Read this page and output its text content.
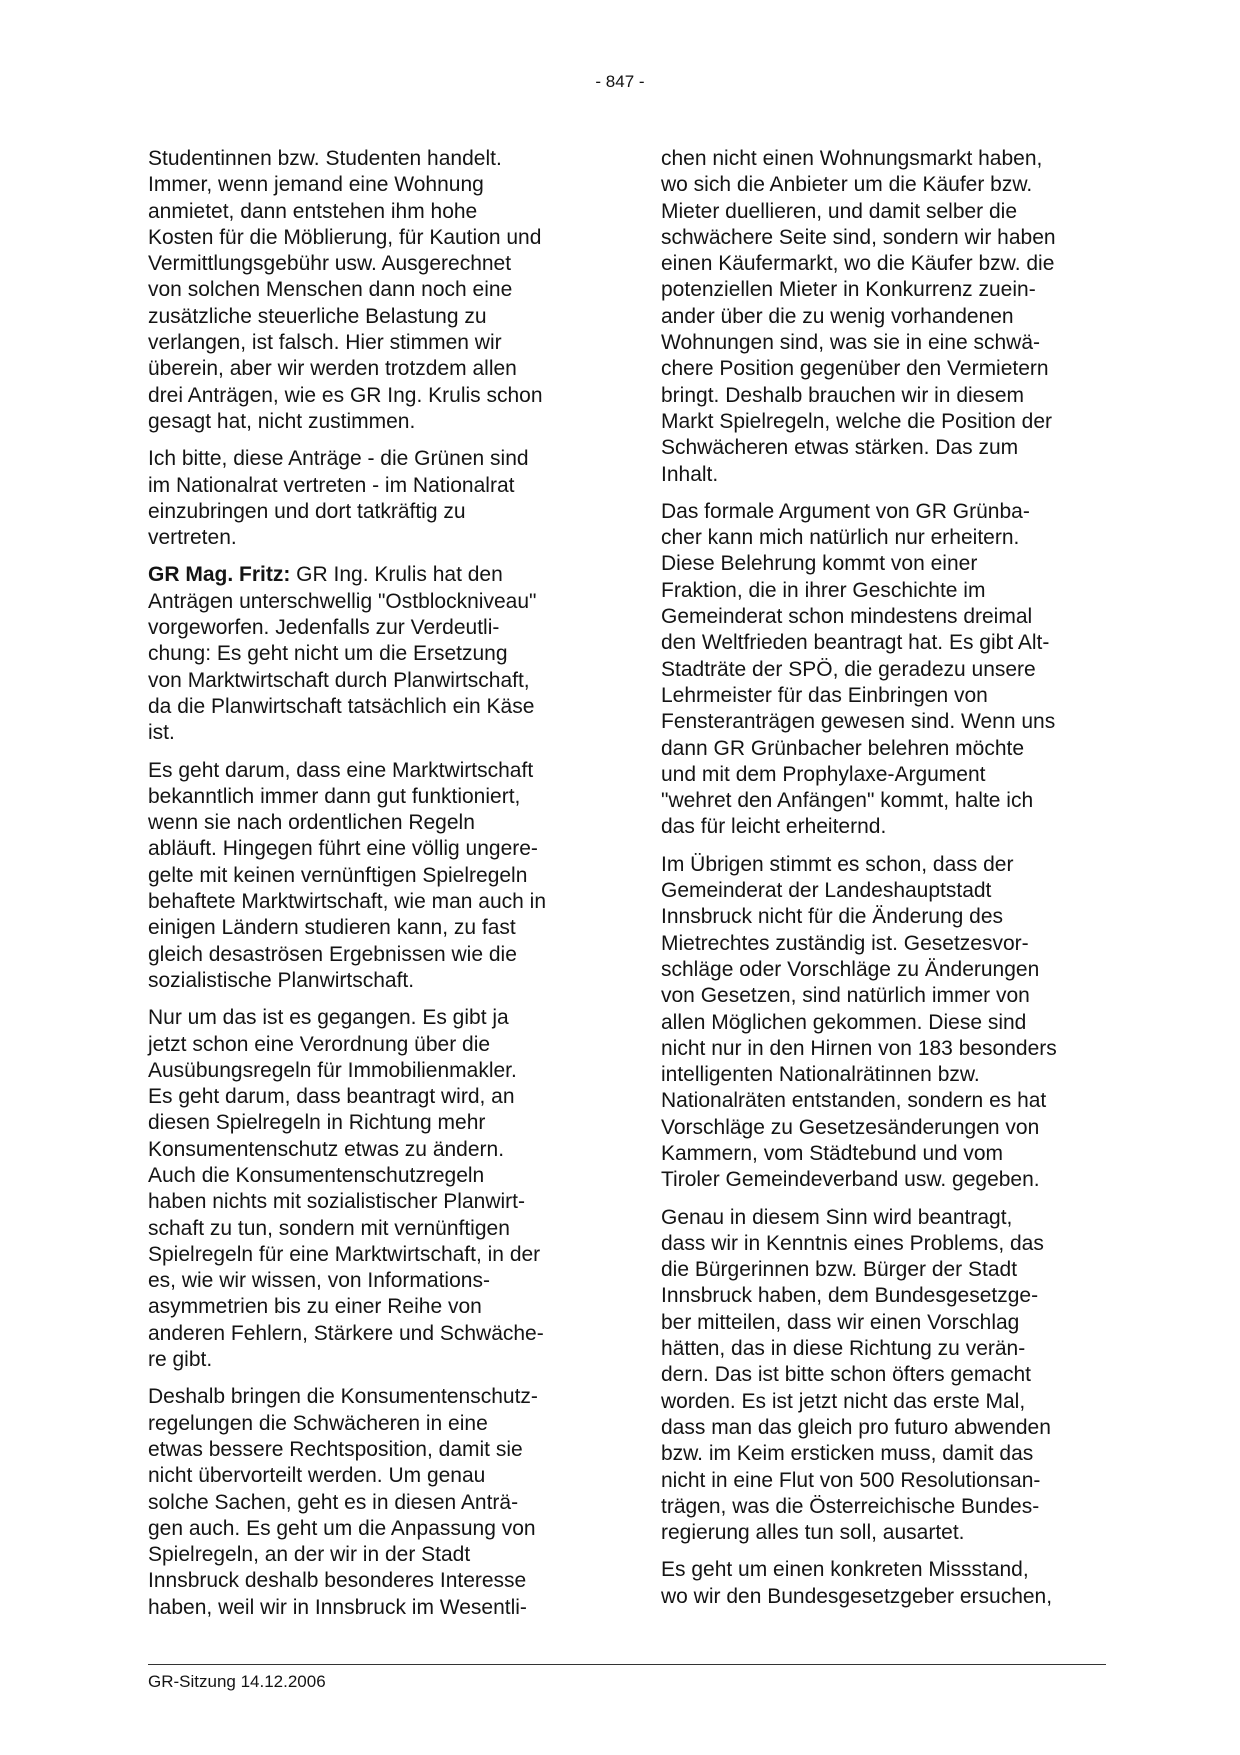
- 847 -
Studentinnen bzw. Studenten handelt.
Immer, wenn jemand eine Wohnung
anmietet, dann entstehen ihm hohe
Kosten für die Möblierung, für Kaution und
Vermittlungsgebühr usw. Ausgerechnet
von solchen Menschen dann noch eine
zusätzliche steuerliche Belastung zu
verlangen, ist falsch. Hier stimmen wir
überein, aber wir werden trotzdem allen
drei Anträgen, wie es GR Ing. Krulis schon
gesagt hat, nicht zustimmen.
Ich bitte, diese Anträge - die Grünen sind
im Nationalrat vertreten - im Nationalrat
einzubringen und dort tatkräftig zu
vertreten.
GR Mag. Fritz: GR Ing. Krulis hat den
Anträgen unterschwellig "Ostblockniveau"
vorgeworfen. Jedenfalls zur Verdeutli-
chung: Es geht nicht um die Ersetzung
von Marktwirtschaft durch Planwirtschaft,
da die Planwirtschaft tatsächlich ein Käse
ist.
Es geht darum, dass eine Marktwirtschaft
bekanntlich immer dann gut funktioniert,
wenn sie nach ordentlichen Regeln
abläuft. Hingegen führt eine völlig ungere-
gelte mit keinen vernünftigen Spielregeln
behaftete Marktwirtschaft, wie man auch in
einigen Ländern studieren kann, zu fast
gleich desaströsen Ergebnissen wie die
sozialistische Planwirtschaft.
Nur um das ist es gegangen. Es gibt ja
jetzt schon eine Verordnung über die
Ausübungsregeln für Immobilienmakler.
Es geht darum, dass beantragt wird, an
diesen Spielregeln in Richtung mehr
Konsumentenschutz etwas zu ändern.
Auch die Konsumentenschutzregeln
haben nichts mit sozialistischer Planwirt-
schaft zu tun, sondern mit vernünftigen
Spielregeln für eine Marktwirtschaft, in der
es, wie wir wissen, von Informations-
asymmetrien bis zu einer Reihe von
anderen Fehlern, Stärkere und Schwäche-
re gibt.
Deshalb bringen die Konsumentenschutz-
regelungen die Schwächeren in eine
etwas bessere Rechtsposition, damit sie
nicht übervorteilt werden. Um genau
solche Sachen, geht es in diesen Anträ-
gen auch. Es geht um die Anpassung von
Spielregeln, an der wir in der Stadt
Innsbruck deshalb besonderes Interesse
haben, weil wir in Innsbruck im Wesentli-
chen nicht einen Wohnungsmarkt haben,
wo sich die Anbieter um die Käufer bzw.
Mieter duellieren, und damit selber die
schwächere Seite sind, sondern wir haben
einen Käufermarkt, wo die Käufer bzw. die
potenziellen Mieter in Konkurrenz zuein-
ander über die zu wenig vorhandenen
Wohnungen sind, was sie in eine schwä-
chere Position gegenüber den Vermietern
bringt. Deshalb brauchen wir in diesem
Markt Spielregeln, welche die Position der
Schwächeren etwas stärken. Das zum
Inhalt.
Das formale Argument von GR Grünba-
cher kann mich natürlich nur erheitern.
Diese Belehrung kommt von einer
Fraktion, die in ihrer Geschichte im
Gemeinderat schon mindestens dreimal
den Weltfrieden beantragt hat. Es gibt Alt-
Stadträte der SPÖ, die geradezu unsere
Lehrmeister für das Einbringen von
Fensteranträgen gewesen sind. Wenn uns
dann GR Grünbacher belehren möchte
und mit dem Prophylaxe-Argument
"wehret den Anfängen" kommt, halte ich
das für leicht erheiternd.
Im Übrigen stimmt es schon, dass der
Gemeinderat der Landeshauptstadt
Innsbruck nicht für die Änderung des
Mietrechtes zuständig ist. Gesetzesvor-
schläge oder Vorschläge zu Änderungen
von Gesetzen, sind natürlich immer von
allen Möglichen gekommen. Diese sind
nicht nur in den Hirnen von 183 besonders
intelligenten Nationalrätinnen bzw.
Nationalräten entstanden, sondern es hat
Vorschläge zu Gesetzesänderungen von
Kammern, vom Städtebund und vom
Tiroler Gemeindeverband usw. gegeben.
Genau in diesem Sinn wird beantragt,
dass wir in Kenntnis eines Problems, das
die Bürgerinnen bzw. Bürger der Stadt
Innsbruck haben, dem Bundesgesetzge-
ber mitteilen, dass wir einen Vorschlag
hätten, das in diese Richtung zu verän-
dern. Das ist bitte schon öfters gemacht
worden. Es ist jetzt nicht das erste Mal,
dass man das gleich pro futuro abwenden
bzw. im Keim ersticken muss, damit das
nicht in eine Flut von 500 Resolutionsan-
trägen, was die Österreichische Bundes-
regierung alles tun soll, ausartet.
Es geht um einen konkreten Missstand,
wo wir den Bundesgesetzgeber ersuchen,
GR-Sitzung 14.12.2006
